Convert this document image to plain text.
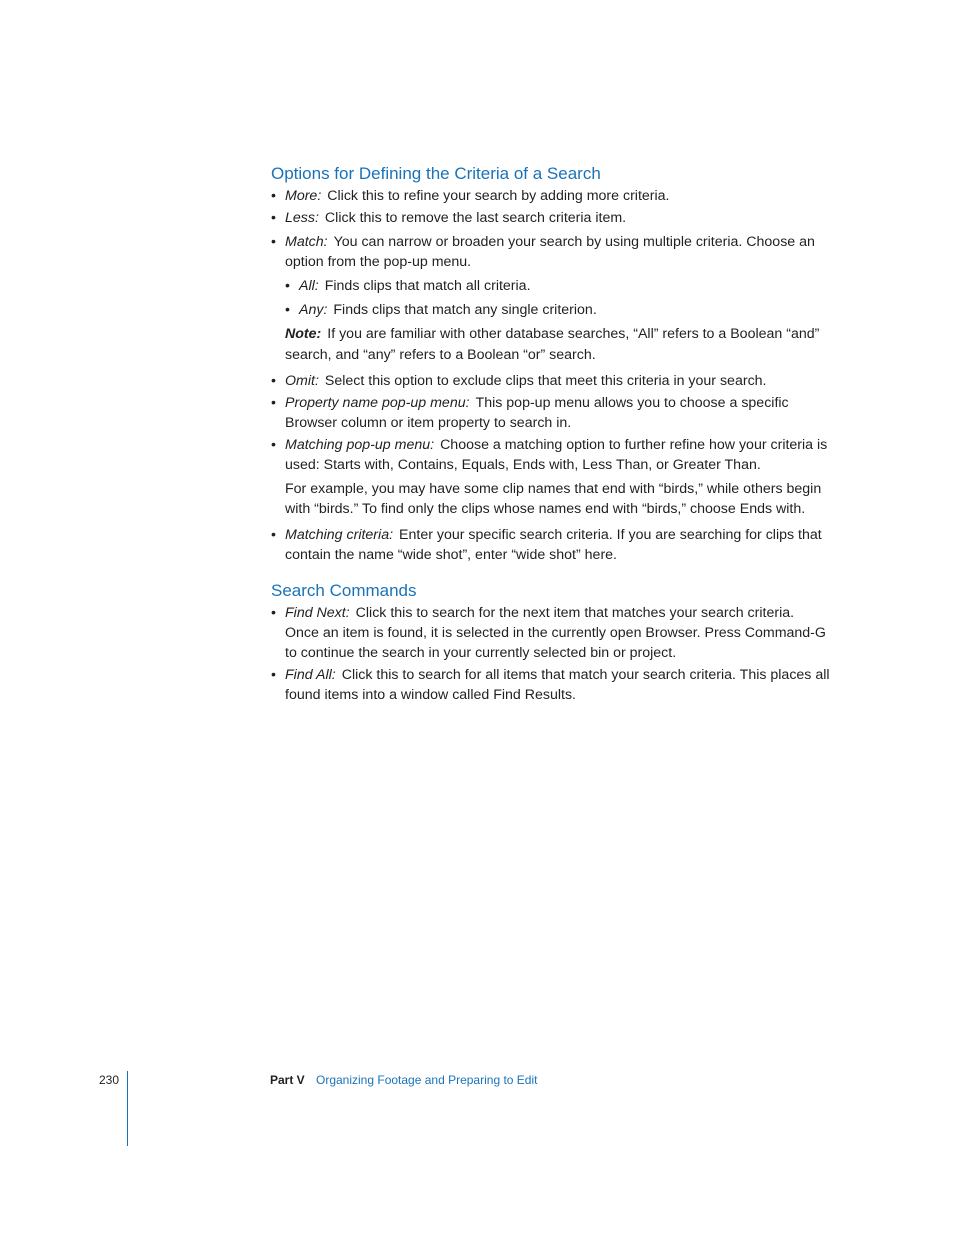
Options for Defining the Criteria of a Search
• More: Click this to refine your search by adding more criteria.
• Less: Click this to remove the last search criteria item.
• Match: You can narrow or broaden your search by using multiple criteria. Choose an option from the pop-up menu.
• All: Finds clips that match all criteria.
• Any: Finds clips that match any single criterion.

Note: If you are familiar with other database searches, “All” refers to a Boolean “and” search, and “any” refers to a Boolean “or” search.

• Omit: Select this option to exclude clips that meet this criteria in your search.
• Property name pop-up menu: This pop-up menu allows you to choose a specific Browser column or item property to search in.
• Matching pop-up menu: Choose a matching option to further refine how your criteria is used: Starts with, Contains, Equals, Ends with, Less Than, or Greater Than.

For example, you may have some clip names that end with “birds,” while others begin with “birds.” To find only the clips whose names end with “birds,” choose Ends with.

• Matching criteria: Enter your specific search criteria. If you are searching for clips that contain the name “wide shot”, enter “wide shot” here.
Search Commands
• Find Next: Click this to search for the next item that matches your search criteria. Once an item is found, it is selected in the currently open Browser. Press Command-G to continue the search in your currently selected bin or project.
• Find All: Click this to search for all items that match your search criteria. This places all found items into a window called Find Results.
230	Part V Organizing Footage and Preparing to Edit
